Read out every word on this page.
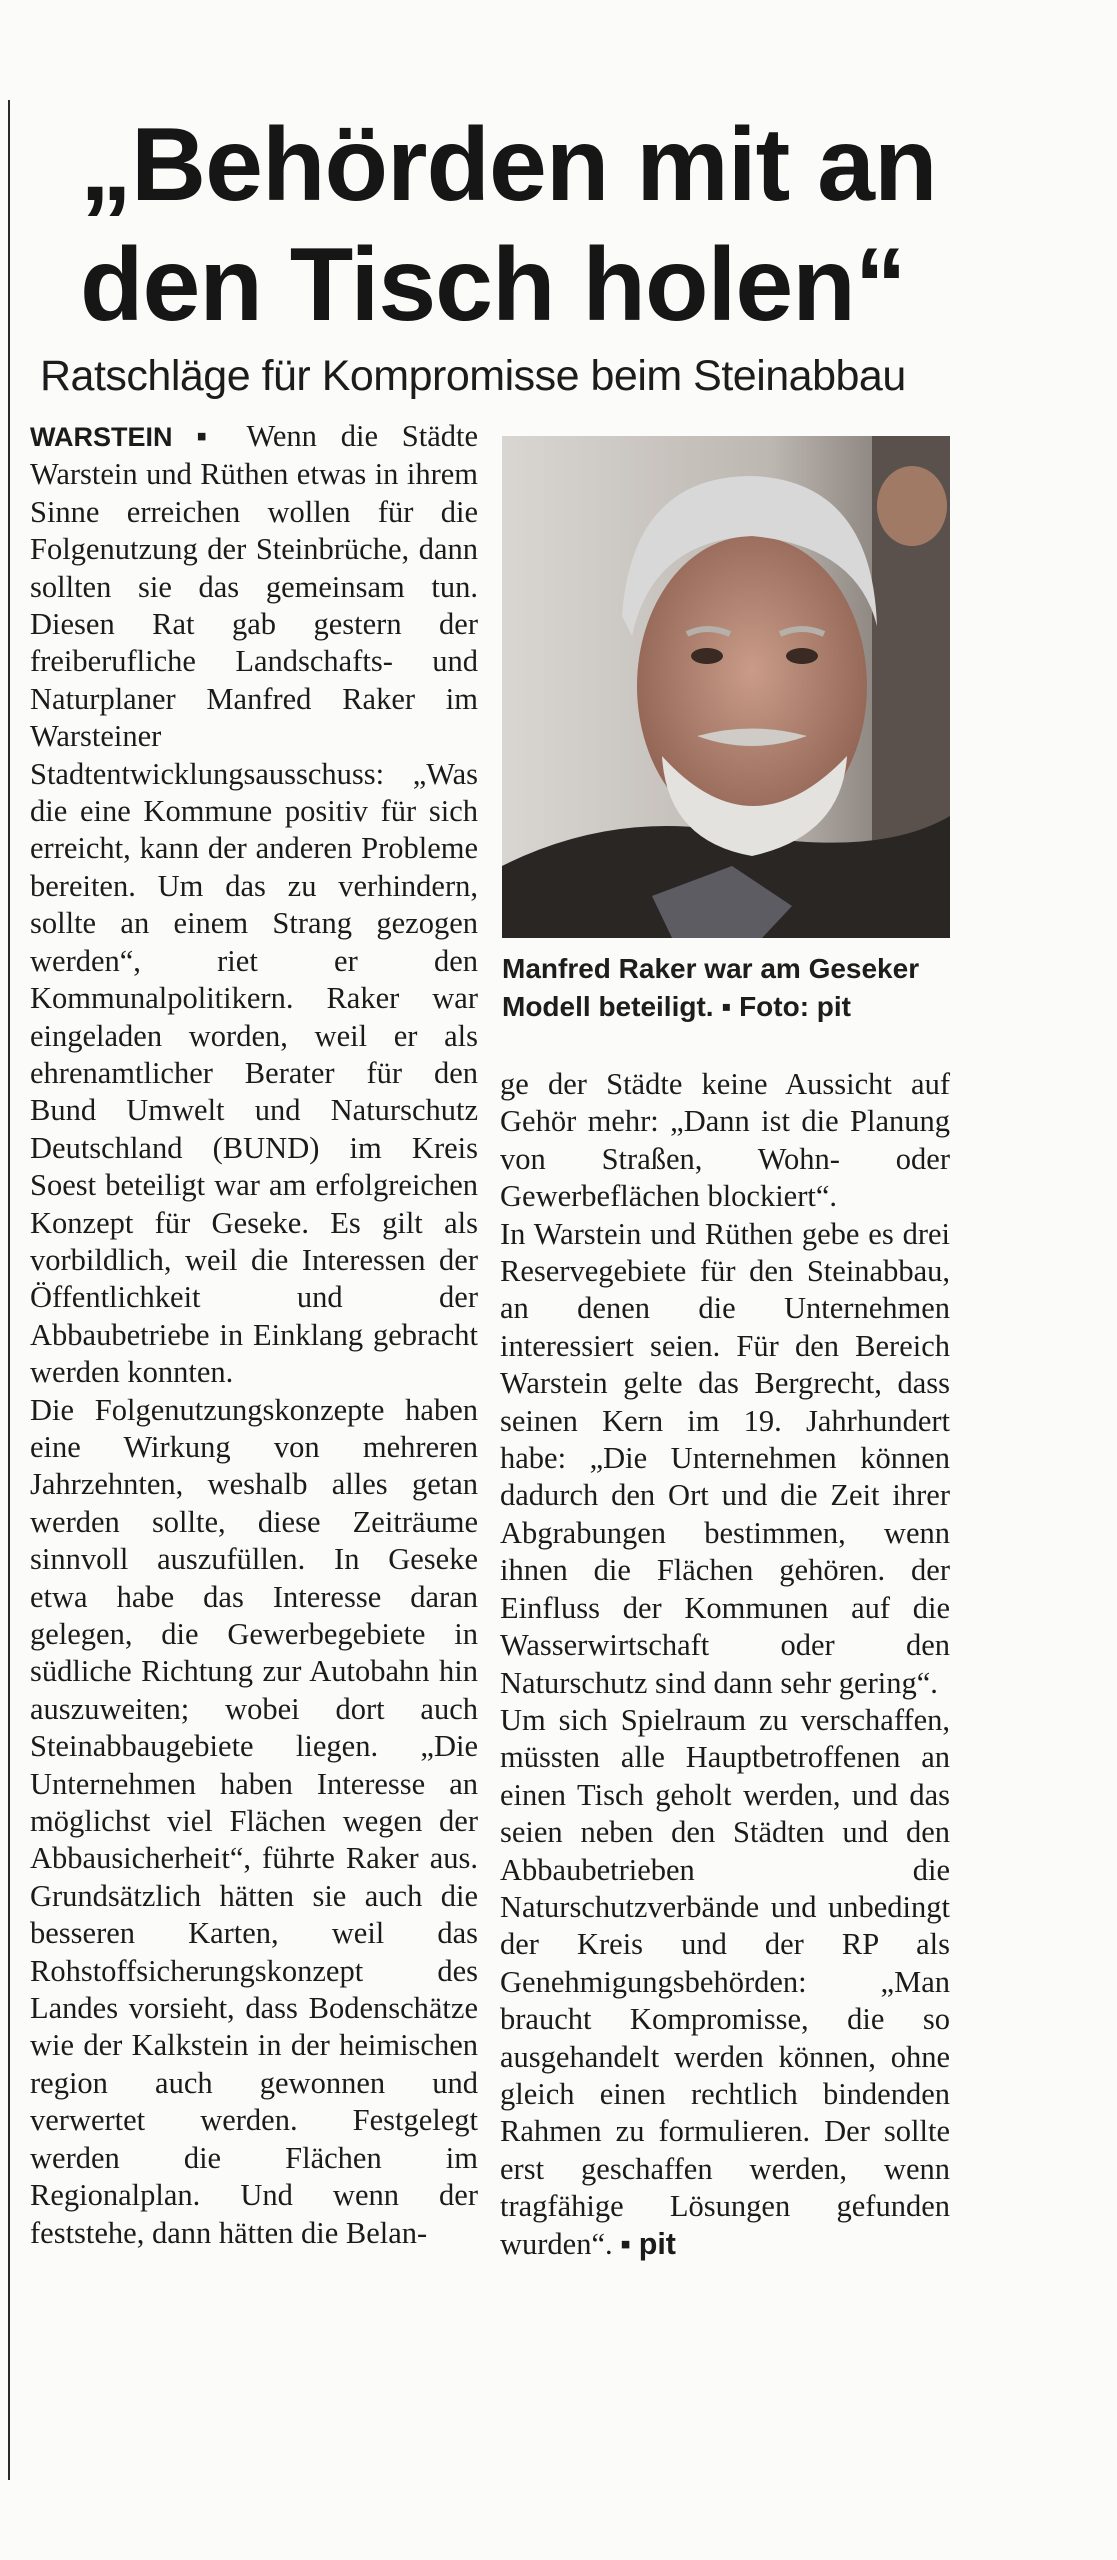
„Behörden mit an
den Tisch holen“
Ratschläge für Kompromisse beim Steinabbau

WARSTEIN ▪ Wenn die Städte Warstein und Rüthen etwas in ihrem Sinne erreichen wollen für die Folgenutzung der Steinbrüche, dann sollten sie das gemeinsam tun. Diesen Rat gab gestern der freiberufliche Landschafts- und Naturplaner Manfred Raker im Warsteiner Stadtentwicklungsausschuss: „Was die eine Kommune positiv für sich erreicht, kann der anderen Probleme bereiten. Um das zu verhindern, sollte an einem Strang gezogen werden“, riet er den Kommunalpolitikern. Raker war eingeladen worden, weil er als ehrenamtlicher Berater für den Bund Umwelt und Naturschutz Deutschland (BUND) im Kreis Soest beteiligt war am erfolgreichen Konzept für Geseke. Es gilt als vorbildlich, weil die Interessen der Öffentlichkeit und der Abbaubetriebe in Einklang gebracht werden konnten.

Die Folgenutzungskonzepte haben eine Wirkung von mehreren Jahrzehnten, weshalb alles getan werden sollte, diese Zeiträume sinnvoll auszufüllen. In Geseke etwa habe das Interesse daran gelegen, die Gewerbegebiete in südliche Richtung zur Autobahn hin auszuweiten; wobei dort auch Steinabbaugebiete liegen. „Die Unternehmen haben Interesse an möglichst viel Flächen wegen der Abbausicherheit“, führte Raker aus. Grundsätzlich hätten sie auch die besseren Karten, weil das Rohstoffsicherungskonzept des Landes vorsieht, dass Bodenschätze wie der Kalkstein in der heimischen region auch gewonnen und verwertet werden. Festgelegt werden die Flächen im Regionalplan. Und wenn der feststehe, dann hätten die Belan-

Manfred Raker war am Geseker Modell beteiligt. ▪ Foto: pit

ge der Städte keine Aussicht auf Gehör mehr: „Dann ist die Planung von Straßen, Wohn- oder Gewerbeflächen blockiert“.

In Warstein und Rüthen gebe es drei Reservegebiete für den Steinabbau, an denen die Unternehmen interessiert seien. Für den Bereich Warstein gelte das Bergrecht, dass seinen Kern im 19. Jahrhundert habe: „Die Unternehmen können dadurch den Ort und die Zeit ihrer Abgrabungen bestimmen, wenn ihnen die Flächen gehören. der Einfluss der Kommunen auf die Wasserwirtschaft oder den Naturschutz sind dann sehr gering“.

Um sich Spielraum zu verschaffen, müssten alle Hauptbetroffenen an einen Tisch geholt werden, und das seien neben den Städten und den Abbaubetrieben die Naturschutzverbände und unbedingt der Kreis und der RP als Genehmigungsbehörden: „Man braucht Kompromisse, die so ausgehandelt werden können, ohne gleich einen rechtlich bindenden Rahmen zu formulieren. Der sollte erst geschaffen werden, wenn tragfähige Lösungen gefunden wurden“. ▪ pit
